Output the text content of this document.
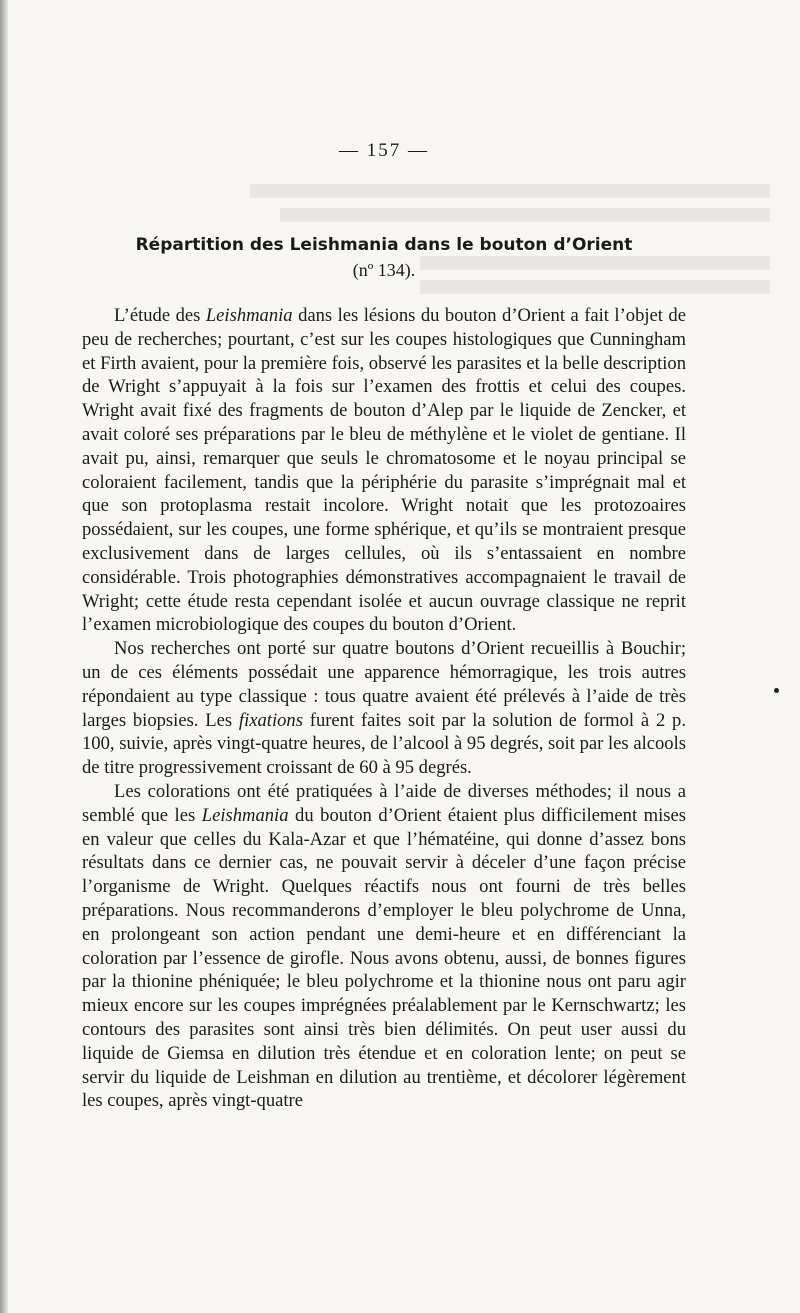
— 157 —
Répartition des Leishmania dans le bouton d’Orient
(nº 134).

L’étude des Leishmania dans les lésions du bouton d’Orient a fait l’objet de peu de recherches; pourtant, c’est sur les coupes histologiques que Cunningham et Firth avaient, pour la première fois, observé les parasites et la belle description de Wright s’appuyait à la fois sur l’examen des frottis et celui des coupes. Wright avait fixé des fragments de bouton d’Alep par le liquide de Zencker, et avait coloré ses préparations par le bleu de méthylène et le violet de gentiane. Il avait pu, ainsi, remarquer que seuls le chromatosome et le noyau principal se coloraient facilement, tandis que la périphérie du parasite s’imprégnait mal et que son protoplasma restait incolore. Wright notait que les protozoaires possédaient, sur les coupes, une forme sphérique, et qu’ils se montraient presque exclusivement dans de larges cellules, où ils s’entassaient en nombre considérable. Trois photographies démonstratives accompagnaient le travail de Wright; cette étude resta cependant isolée et aucun ouvrage classique ne reprit l’examen microbiologique des coupes du bouton d’Orient.

Nos recherches ont porté sur quatre boutons d’Orient recueillis à Bouchir; un de ces éléments possédait une apparence hémorragique, les trois autres répondaient au type classique : tous quatre avaient été prélevés à l’aide de très larges biopsies. Les fixations furent faites soit par la solution de formol à 2 p. 100, suivie, après vingt-quatre heures, de l’alcool à 95 degrés, soit par les alcools de titre progressivement croissant de 60 à 95 degrés.

Les colorations ont été pratiquées à l’aide de diverses méthodes; il nous a semblé que les Leishmania du bouton d’Orient étaient plus difficilement mises en valeur que celles du Kala-Azar et que l’hématéine, qui donne d’assez bons résultats dans ce dernier cas, ne pouvait servir à déceler d’une façon précise l’organisme de Wright. Quelques réactifs nous ont fourni de très belles préparations. Nous recommanderons d’employer le bleu polychrome de Unna, en prolongeant son action pendant une demi-heure et en différenciant la coloration par l’essence de girofle. Nous avons obtenu, aussi, de bonnes figures par la thionine phéniquée; le bleu polychrome et la thionine nous ont paru agir mieux encore sur les coupes imprégnées préalablement par le Kernschwartz; les contours des parasites sont ainsi très bien délimités. On peut user aussi du liquide de Giemsa en dilution très étendue et en coloration lente; on peut se servir du liquide de Leishman en dilution au trentième, et décolorer légèrement les coupes, après vingt-quatre
